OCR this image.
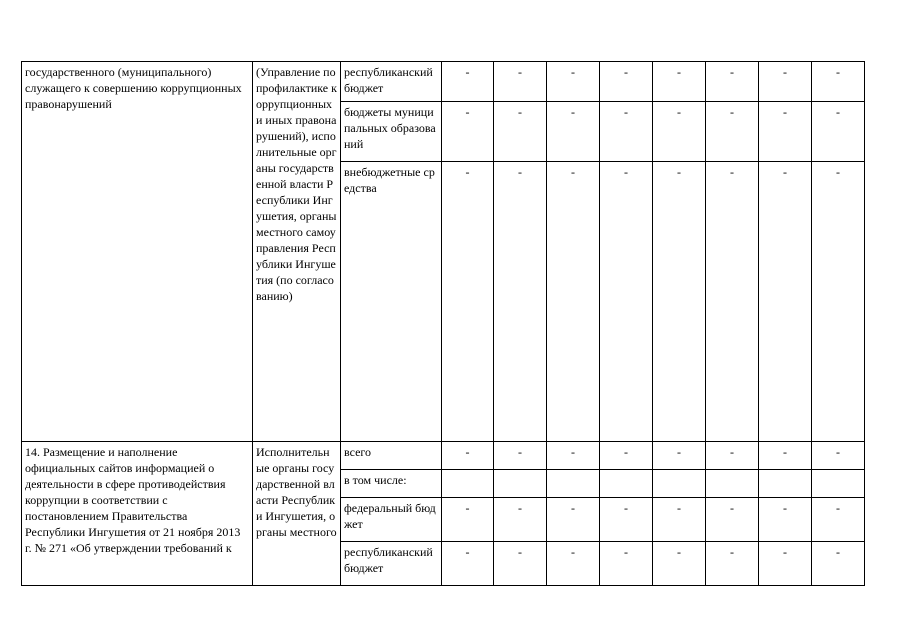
государственного (муниципального) служащего к совершению коррупционных правонарушений	(Управление по профилактике коррупционных и иных правонарушений), исполнительные органы государственной власти Республики Ингушетия, органы местного самоуправления Республики Ингушетия (по согласованию)	республиканский бюджет	-	-	-	-	-	-	-	-
		бюджеты муниципальных образований	-	-	-	-	-	-	-	-
		внебюджетные средства	-	-	-	-	-	-	-	-
14. Размещение и наполнение официальных сайтов информацией о деятельности в сфере противодействия коррупции в соответствии с постановлением Правительства Республики Ингушетия от 21 ноября 2013 г. № 271 «Об утверждении требований к	Исполнительные органы государственной власти Республики Ингушетия, органы местного	всего	-	-	-	-	-	-	-	-
		в том числе:								
		федеральный бюджет	-	-	-	-	-	-	-	-
		республиканский бюджет	-	-	-	-	-	-	-	-
